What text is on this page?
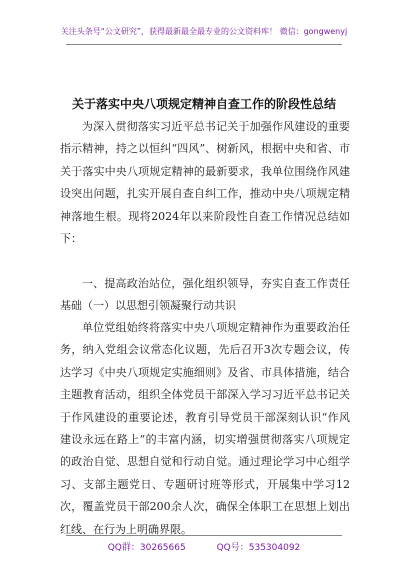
关注头条号“公文研究”，获得最新最全最专业的公文资料库！ 微信：gongwenyj
关于落实中央八项规定精神自查工作的阶段性总结

为深入贯彻落实习近平总书记关于加强作风建设的重要指示精神，持之以恒纠“四风”、树新风，根据中央和省、市关于落实中央八项规定精神的最新要求，我单位围绕作风建设突出问题，扎实开展自查自纠工作，推动中央八项规定精神落地生根。现将2024年以来阶段性自查工作情况总结如下：

一、提高政治站位，强化组织领导，夯实自查工作责任基础 （一）以思想引领凝聚行动共识

单位党组始终将落实中央八项规定精神作为重要政治任务，纳入党组会议常态化议题，先后召开3次专题会议，传达学习《中央八项规定实施细则》及省、市具体措施，结合主题教育活动，组织全体党员干部深入学习习近平总书记关于作风建设的重要论述，教育引导党员干部深刻认识“作风建设永远在路上”的丰富内涵，切实增强贯彻落实八项规定的政治自觉、思想自觉和行动自觉。通过理论学习中心组学习、支部主题党日、专题研讨班等形式，开展集中学习12次，覆盖党员干部200余人次，确保全体职工在思想上划出红线、在行为上明确界限。

QQ群：30265665	QQ号：535304092
